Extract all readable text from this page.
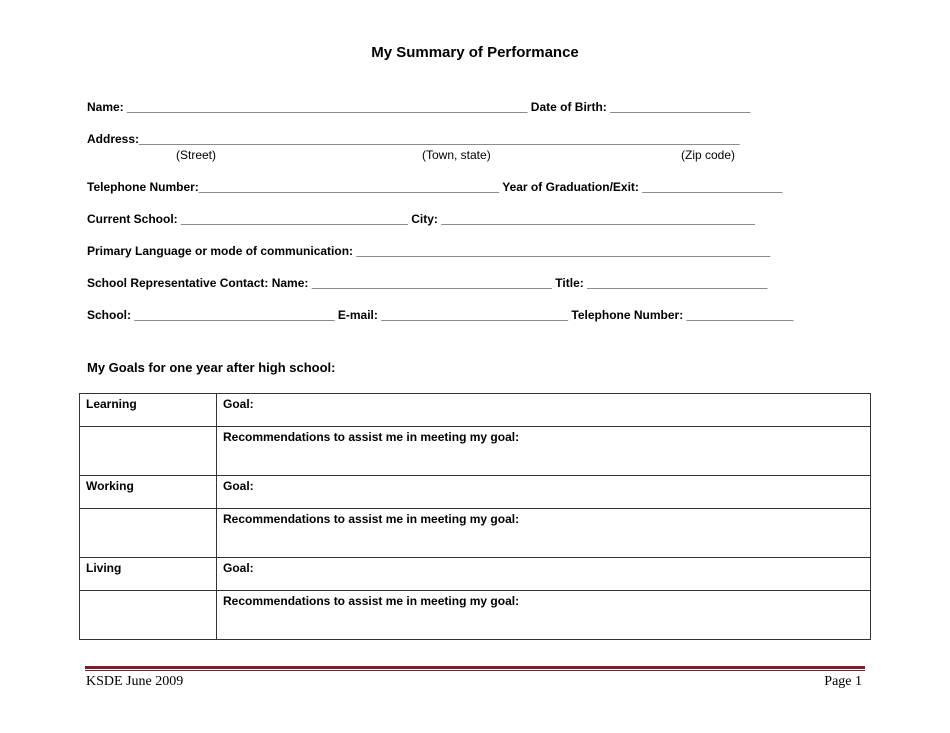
My Summary of Performance
Name: ____________________________________________________________ Date of Birth: _____________________
Address:__________________________________________________________________________________________
(Street)	(Town, state)	(Zip code)
Telephone Number:_____________________________________________ Year of Graduation/Exit: _____________________
Current School: __________________________________ City: _______________________________________________
Primary Language or mode of communication: ______________________________________________________________
School Representative Contact: Name: ____________________________________ Title: ___________________________
School: ______________________________ E-mail: ____________________________ Telephone Number: ________________
My Goals for one year after high school:
Learning	Goal:
	Recommendations to assist me in meeting my goal:
Working	Goal:
	Recommendations to assist me in meeting my goal:
Living	Goal:
	Recommendations to assist me in meeting my goal:
KSDE June 2009	Page 1
